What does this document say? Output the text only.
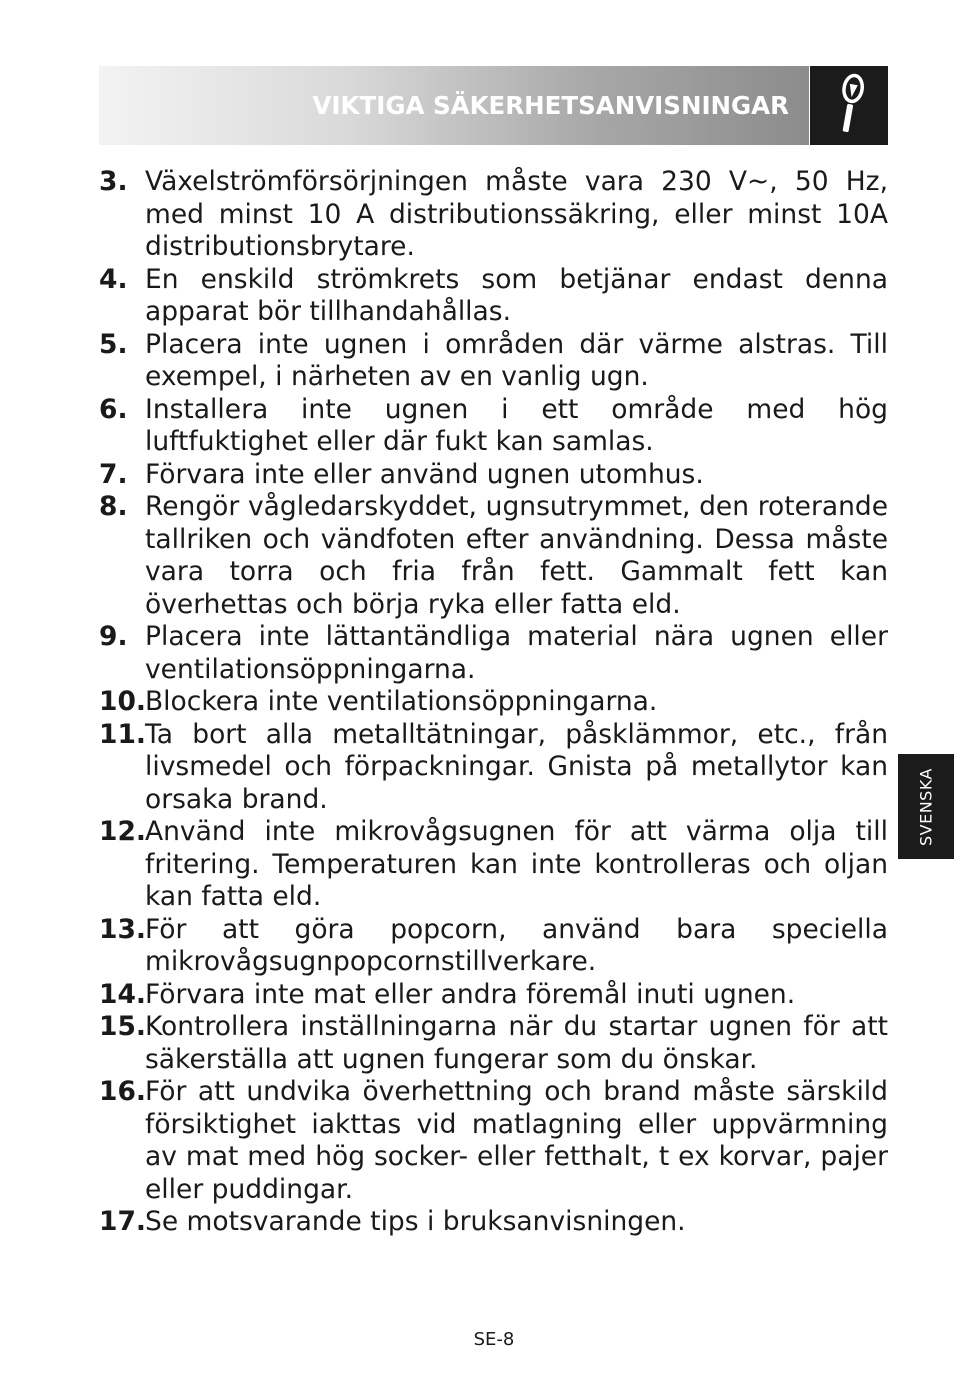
VIKTIGA SÄKERHETSANVISNINGAR
3. Växelströmförsörjningen måste vara 230 V~, 50 Hz, med minst 10 A distributionssäkring, eller minst 10A distributionsbrytare.
4. En enskild strömkrets som betjänar endast denna apparat bör tillhandahållas.
5. Placera inte ugnen i områden där värme alstras. Till exempel, i närheten av en vanlig ugn.
6. Installera inte ugnen i ett område med hög luftfuktighet eller där fukt kan samlas.
7. Förvara inte eller använd ugnen utomhus.
8. Rengör vågledarskyddet, ugnsutrymmet, den roterande tallriken och vändfoten efter användning. Dessa måste vara torra och fria från fett. Gammalt fett kan överhettas och börja ryka eller fatta eld.
9. Placera inte lättantändliga material nära ugnen eller ventilationsöppningarna.
10. Blockera inte ventilationsöppningarna.
11. Ta bort alla metalltätningar, påsklämmor, etc., från livsmedel och förpackningar. Gnista på metallytor kan orsaka brand.
12. Använd inte mikrovågsugnen för att värma olja till fritering. Temperaturen kan inte kontrolleras och oljan kan fatta eld.
13. För att göra popcorn, använd bara speciella mikrovågsugnpopcornstillverkare.
14. Förvara inte mat eller andra föremål inuti ugnen.
15. Kontrollera inställningarna när du startar ugnen för att säkerställa att ugnen fungerar som du önskar.
16. För att undvika överhettning och brand måste särskild försiktighet iakttas vid matlagning eller uppvärmning av mat med hög socker- eller fetthalt, t ex korvar, pajer eller puddingar.
17. Se motsvarande tips i bruksanvisningen.
SVENSKA
SE-8
